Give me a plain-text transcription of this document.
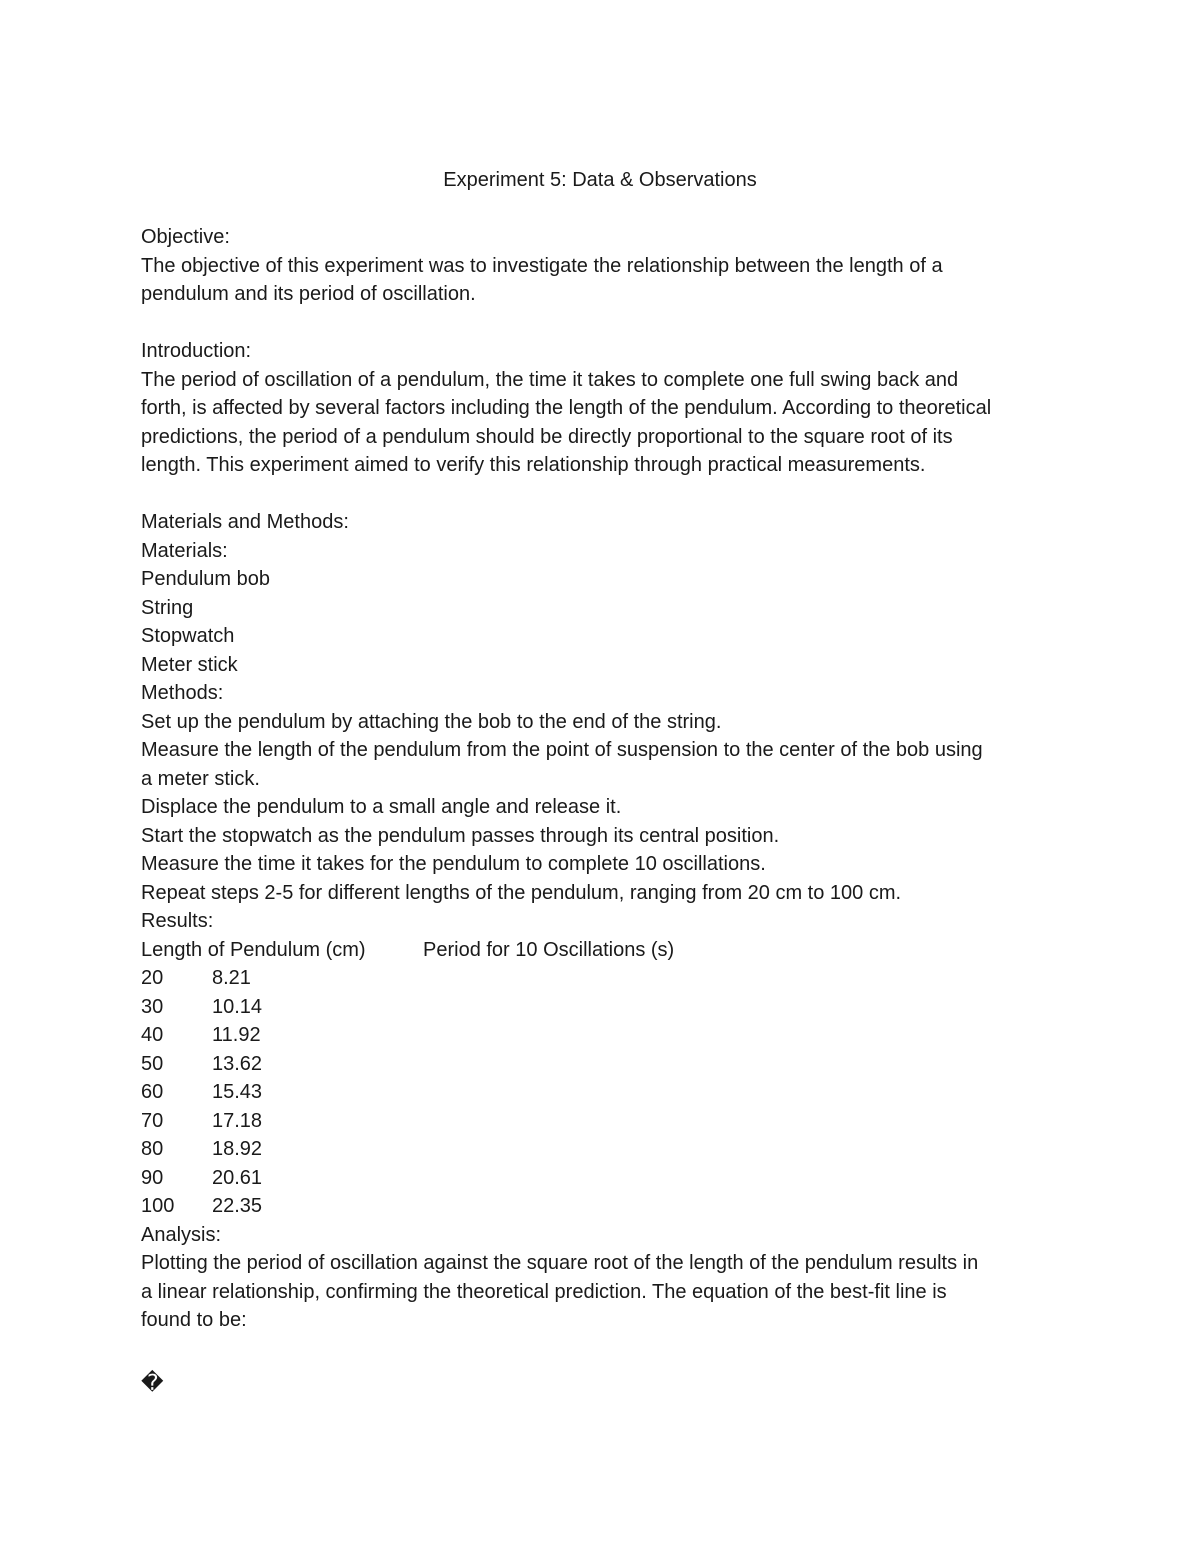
Experiment 5: Data & Observations
Objective:
The objective of this experiment was to investigate the relationship between the length of a
pendulum and its period of oscillation.
Introduction:
The period of oscillation of a pendulum, the time it takes to complete one full swing back and
forth, is affected by several factors including the length of the pendulum. According to theoretical
predictions, the period of a pendulum should be directly proportional to the square root of its
length. This experiment aimed to verify this relationship through practical measurements.
Materials and Methods:
Materials:
Pendulum bob
String
Stopwatch
Meter stick
Methods:
Set up the pendulum by attaching the bob to the end of the string.
Measure the length of the pendulum from the point of suspension to the center of the bob using
a meter stick.
Displace the pendulum to a small angle and release it.
Start the stopwatch as the pendulum passes through its central position.
Measure the time it takes for the pendulum to complete 10 oscillations.
Repeat steps 2-5 for different lengths of the pendulum, ranging from 20 cm to 100 cm.
Results:
Length of Pendulum (cm)	Period for 10 Oscillations (s)
20 8.21
30 10.14
40 11.92
50 13.62
60 15.43
70 17.18
80 18.92
90 20.61
100 22.35
Analysis:
Plotting the period of oscillation against the square root of the length of the pendulum results in
a linear relationship, confirming the theoretical prediction. The equation of the best-fit line is
found to be:
�
